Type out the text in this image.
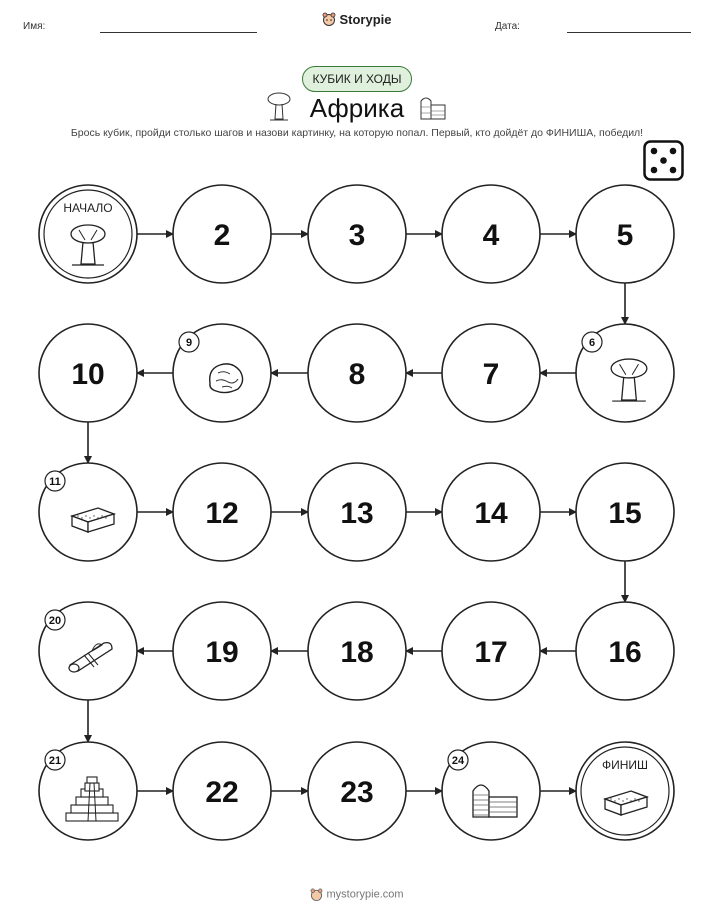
Имя:	Storypie	Дата:
КУБИК И ХОДЫ
Африка
Брось кубик, пройди столько шагов и назови картинку, на которую попал. Первый, кто дойдёт до ФИНИША, победил!
НАЧАЛО
2	3	4	5
6
7
8
9
10
11
12	13	14	15
16
17
18
19
20
21
22	23
24	ФИНИШ
mystorypie.com
